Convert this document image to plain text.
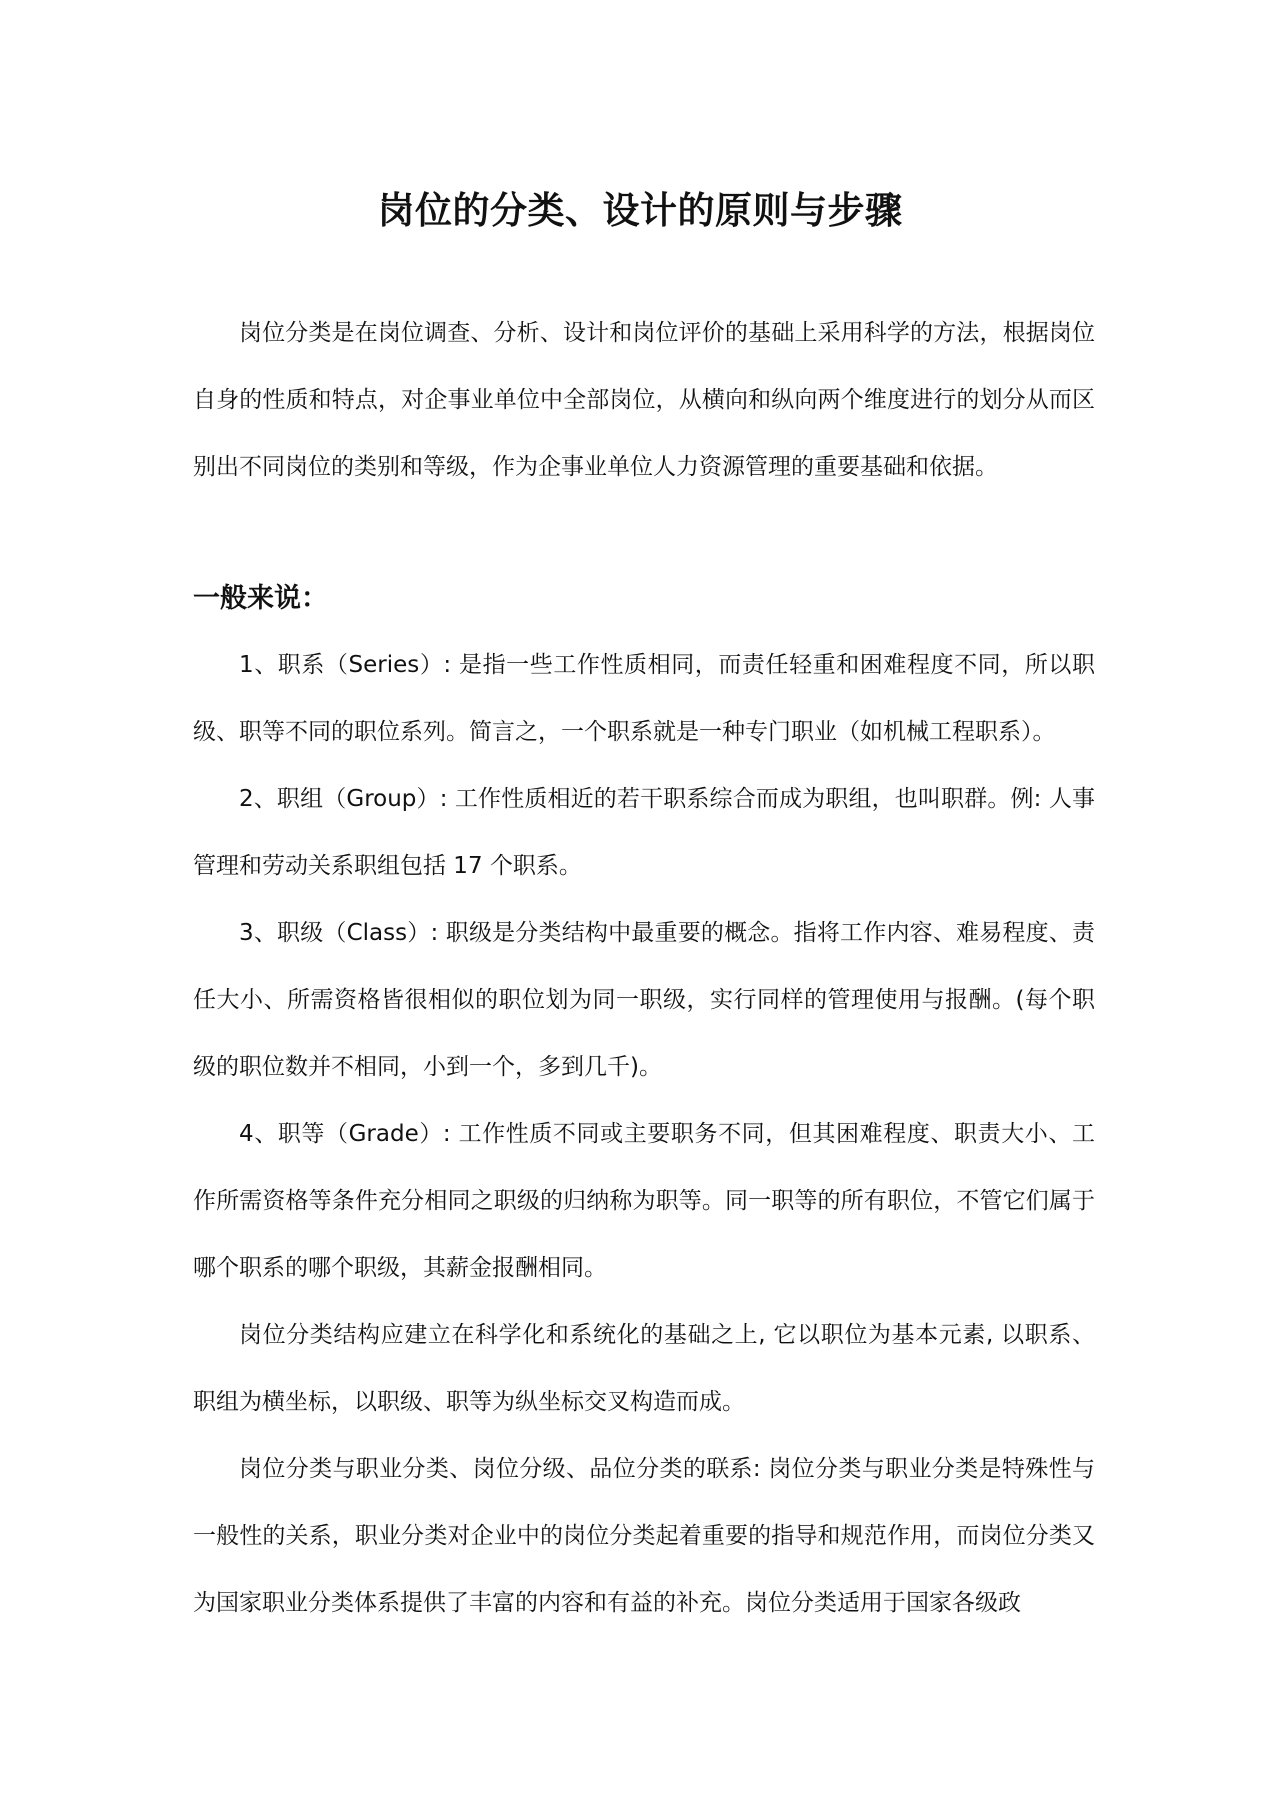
岗位的分类、设计的原则与步骤

岗位分类是在岗位调查、分析、设计和岗位评价的基础上采用科学的方法，根据岗位自身的性质和特点，对企事业单位中全部岗位，从横向和纵向两个维度进行的划分从而区别出不同岗位的类别和等级，作为企事业单位人力资源管理的重要基础和依据。

一般来说：

1、职系（Series）: 是指一些工作性质相同，而责任轻重和困难程度不同，所以职级、职等不同的职位系列。简言之，一个职系就是一种专门职业（如机械工程职系）。

2、职组（Group）: 工作性质相近的若干职系综合而成为职组，也叫职群。例: 人事管理和劳动关系职组包括 17 个职系。

3、职级（Class）: 职级是分类结构中最重要的概念。指将工作内容、难易程度、责任大小、所需资格皆很相似的职位划为同一职级，实行同样的管理使用与报酬。(每个职级的职位数并不相同，小到一个，多到几千)。

4、职等（Grade）: 工作性质不同或主要职务不同，但其困难程度、职责大小、工作所需资格等条件充分相同之职级的归纳称为职等。同一职等的所有职位，不管它们属于哪个职系的哪个职级，其薪金报酬相同。

岗位分类结构应建立在科学化和系统化的基础之上, 它以职位为基本元素, 以职系、职组为横坐标，以职级、职等为纵坐标交叉构造而成。

岗位分类与职业分类、岗位分级、品位分类的联系: 岗位分类与职业分类是特殊性与一般性的关系，职业分类对企业中的岗位分类起着重要的指导和规范作用，而岗位分类又为国家职业分类体系提供了丰富的内容和有益的补充。岗位分类适用于国家各级政
